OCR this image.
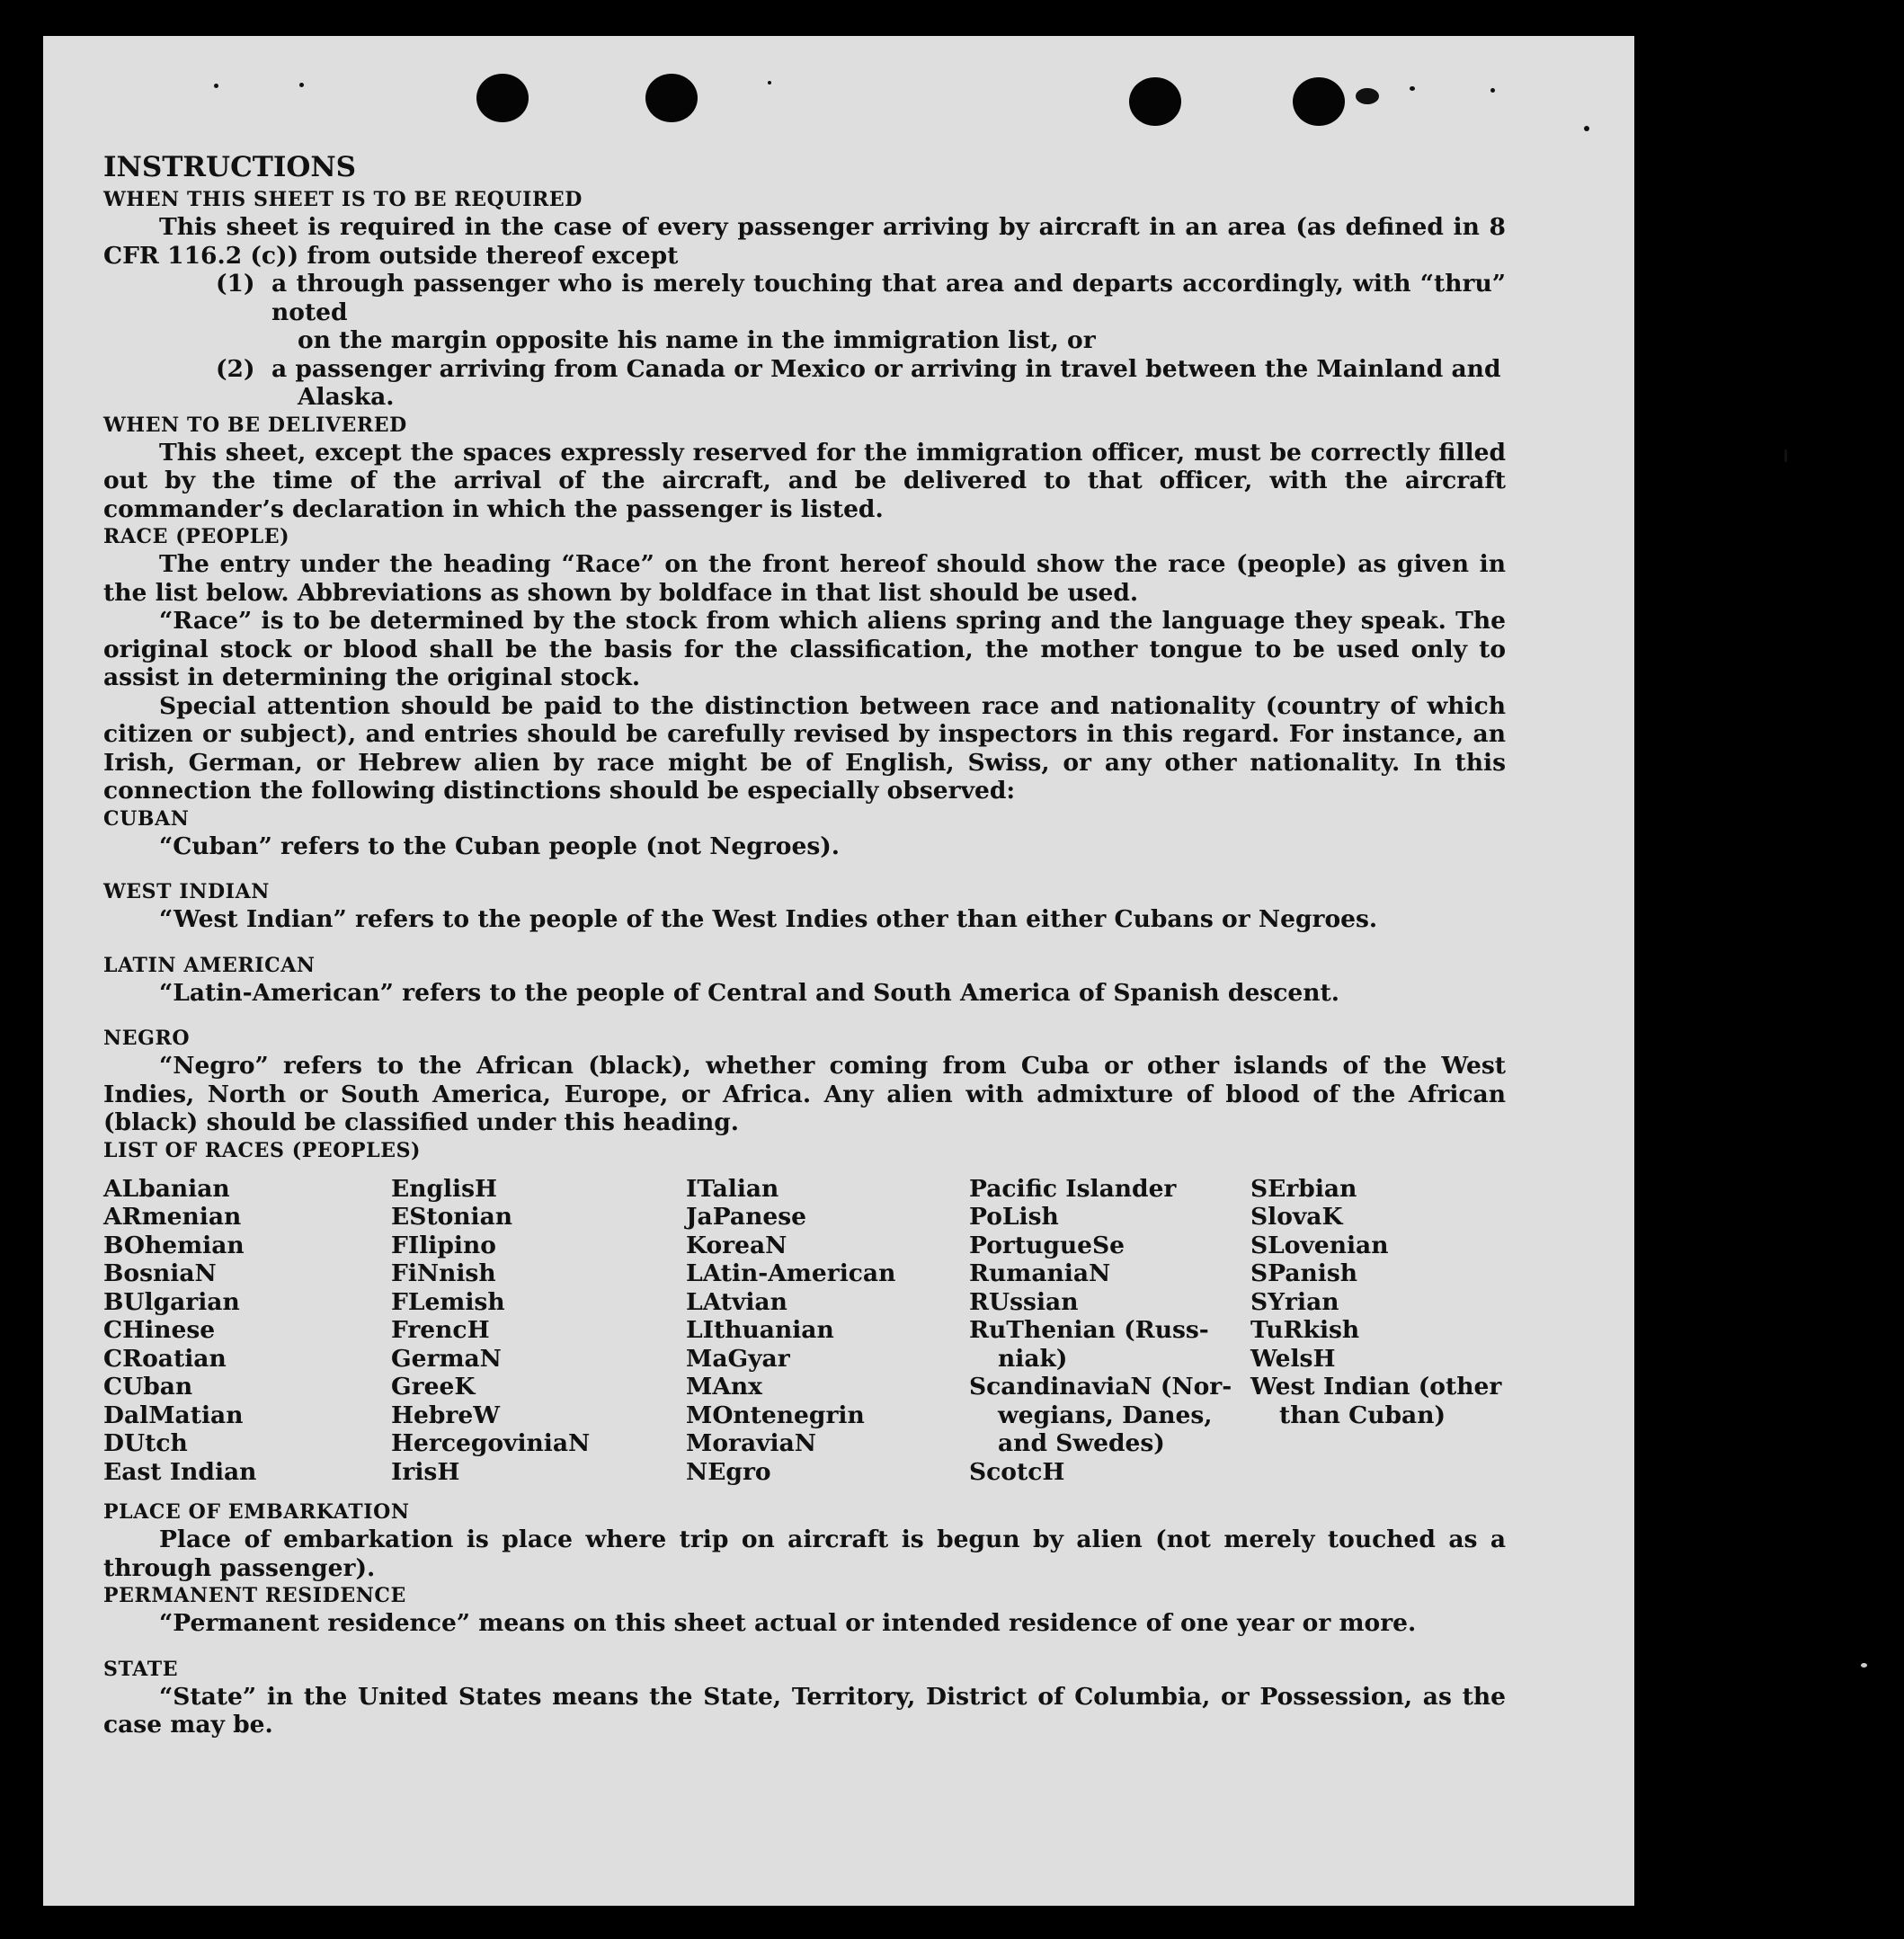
INSTRUCTIONS

WHEN THIS SHEET IS TO BE REQUIRED

This sheet is required in the case of every passenger arriving by aircraft in an area (as defined in 8 CFR 116.2 (c)) from outside thereof except

(1) a through passenger who is merely touching that area and departs accordingly, with “thru” noted
on the margin opposite his name in the immigration list, or
(2) a passenger arriving from Canada or Mexico or arriving in travel between the Mainland and
Alaska.

WHEN TO BE DELIVERED

This sheet, except the spaces expressly reserved for the immigration officer, must be correctly filled out by the time of the arrival of the aircraft, and be delivered to that officer, with the aircraft commander’s declaration in which the passenger is listed.

RACE (PEOPLE)

The entry under the heading “Race” on the front hereof should show the race (people) as given in the list below. Abbreviations as shown by boldface in that list should be used.

“Race” is to be determined by the stock from which aliens spring and the language they speak. The original stock or blood shall be the basis for the classification, the mother tongue to be used only to assist in determining the original stock.

Special attention should be paid to the distinction between race and nationality (country of which citizen or subject), and entries should be carefully revised by inspectors in this regard. For instance, an Irish, German, or Hebrew alien by race might be of English, Swiss, or any other nationality. In this connection the following distinctions should be especially observed:

CUBAN

“Cuban” refers to the Cuban people (not Negroes).

WEST INDIAN

“West Indian” refers to the people of the West Indies other than either Cubans or Negroes.

LATIN AMERICAN

“Latin-American” refers to the people of Central and South America of Spanish descent.

NEGRO

“Negro” refers to the African (black), whether coming from Cuba or other islands of the West Indies, North or South America, Europe, or Africa. Any alien with admixture of blood of the African (black) should be classified under this heading.

LIST OF RACES (PEOPLES)

ALbanian
ARmenian
BOhemian
BosniaN
BUlgarian
CHinese
CRoatian
CUban
DalMatian
DUtch
East Indian
EnglisH
EStonian
FIlipino
FiNnish
FLemish
FrencH
GermaN
GreeK
HebreW
HercegoviniaN
IrisH
ITalian
JaPanese
KoreaN
LAtin-American
LAtvian
LIthuanian
MaGyar
MAnx
MOntenegrin
MoraviaN
NEgro
Pacific Islander
PoLish
PortugueSe
RumaniaN
RUssian
RuThenian (Russ-
niak)
ScandinaviaN (Nor-
wegians, Danes,
and Swedes)
ScotcH
SErbian
SlovaK
SLovenian
SPanish
SYrian
TuRkish
WelsH
West Indian (other
than Cuban)

PLACE OF EMBARKATION

Place of embarkation is place where trip on aircraft is begun by alien (not merely touched as a through passenger).

PERMANENT RESIDENCE

“Permanent residence” means on this sheet actual or intended residence of one year or more.

STATE

“State” in the United States means the State, Territory, District of Columbia, or Possession, as the case may be.
